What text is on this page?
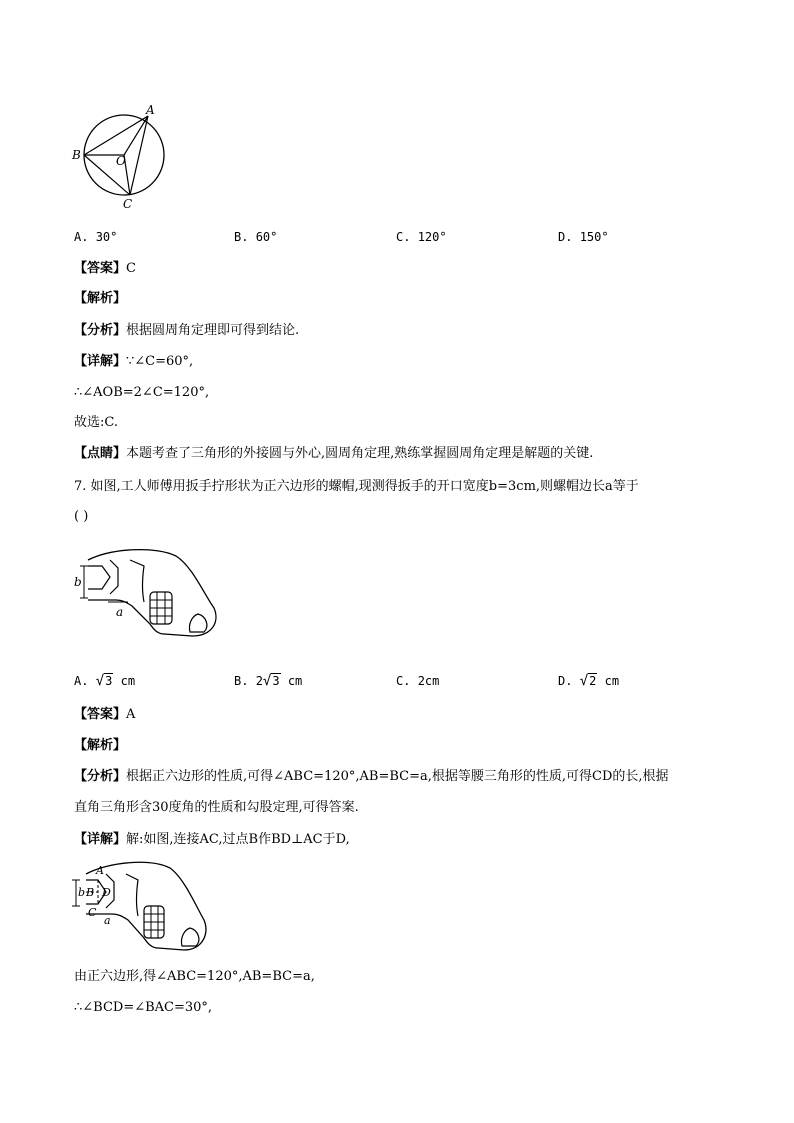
A
B	O
C
A. 30°	B. 60°	C. 120°	D. 150°
【答案】C
【解析】
【分析】根据圆周角定理即可得到结论.
【详解】∵∠C=60°,
∴∠AOB=2∠C=120°,
故选:C.
【点睛】本题考查了三角形的外接圆与外心,圆周角定理,熟练掌握圆周角定理是解题的关键.
7. 如图,工人师傅用扳手拧形状为正六边形的螺帽,现测得扳手的开口宽度b=3cm,则螺帽边长a等于
( )
b
a
A. √3 cm	B. 2√3 cm	C. 2cm	D. √2 cm
【答案】A
【解析】
【分析】根据正六边形的性质,可得∠ABC=120°,AB=BC=a,根据等腰三角形的性质,可得CD的长,根据
直角三角形含30度角的性质和勾股定理,可得答案.
【详解】解:如图,连接AC,过点B作BD⊥AC于D,
A
b B D
C
a
由正六边形,得∠ABC=120°,AB=BC=a,
∴∠BCD=∠BAC=30°,
